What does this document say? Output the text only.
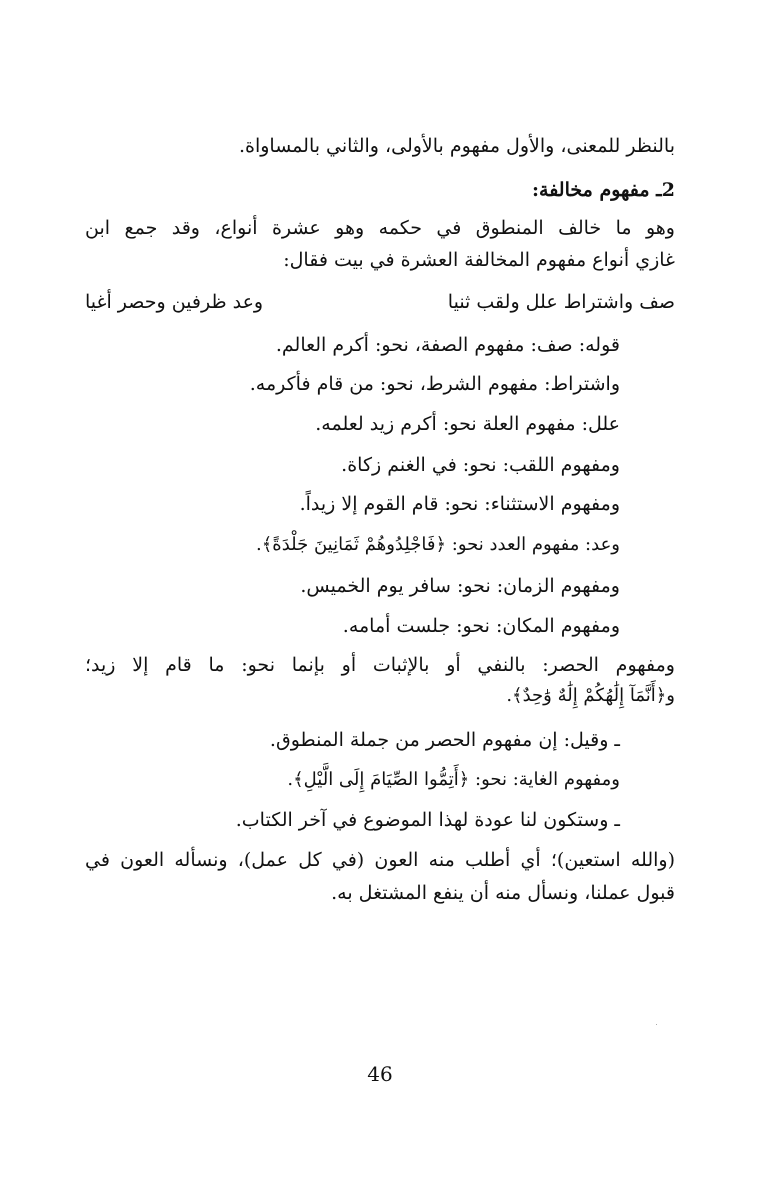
بالنظر للمعنى، والأول مفهوم بالأولى، والثاني بالمساواة.
2ـ مفهوم مخالفة:
وهو ما خالف المنطوق في حكمه وهو عشرة أنواع، وقد جمع ابن
غازي أنواع مفهوم المخالفة العشرة في بيت فقال:
صف واشتراط علل ولقب ثنيا
وعد ظرفين وحصر أغيا
قوله: صف: مفهوم الصفة، نحو: أكرم العالم.
واشتراط: مفهوم الشرط، نحو: من قام فأكرمه.
علل: مفهوم العلة نحو: أكرم زيد لعلمه.
ومفهوم اللقب: نحو: في الغنم زكاة.
ومفهوم الاستثناء: نحو: قام القوم إلا زيداً.
وعد: مفهوم العدد نحو: ﴿فَاجْلِدُوهُمْ ثَمَانِينَ جَلْدَةً﴾.
ومفهوم الزمان: نحو: سافر يوم الخميس.
ومفهوم المكان: نحو: جلست أمامه.
ومفهوم الحصر: بالنفي أو بالإثبات أو بإنما نحو: ما قام إلا زيد؛
و﴿أَنَّمَآ إِلَٰهُكُمْ إِلَٰهٌ وَٰحِدٌ﴾.
ـ وقيل: إن مفهوم الحصر من جملة المنطوق.
ومفهوم الغاية: نحو: ﴿أَتِمُّوا الصِّيَامَ إِلَى الَّيْلِ﴾.
ـ وستكون لنا عودة لهذا الموضوع في آخر الكتاب.
(والله استعين)؛ أي أطلب منه العون (في كل عمل)، ونسأله العون في
قبول عملنا، ونسأل منه أن ينفع المشتغل به.
46
